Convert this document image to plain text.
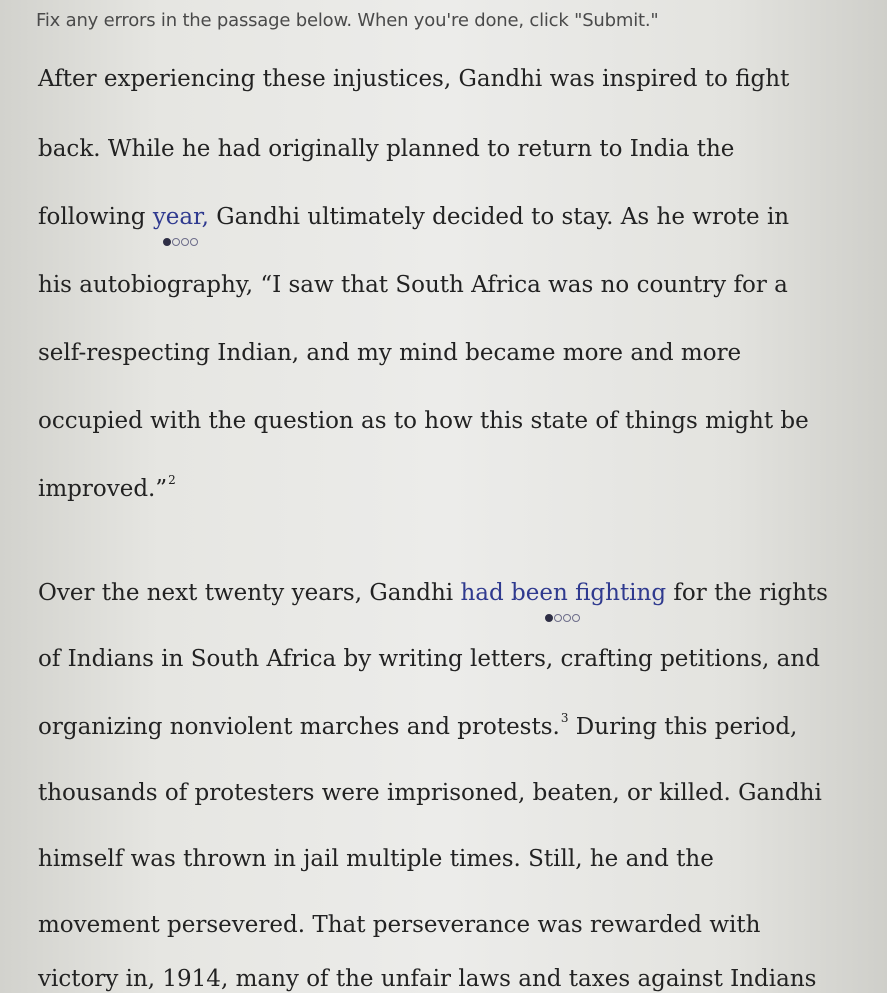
Fix any errors in the passage below. When you're done, click "Submit."
After experiencing these injustices, Gandhi was inspired to fight
back. While he had originally planned to return to India the
following year,
Gandhi ultimately decided to stay. As he wrote in
his autobiography, “I saw that South Africa was no country for a
self-respecting Indian, and my mind became more and more
occupied with the question as to how this state of things might be
improved.”$^2$
Over the next twenty years, Gandhi had been fighting
for the rights
of Indians in South Africa by writing letters, crafting petitions, and
organizing nonviolent marches and protests.$^3$ During this period,
thousands of protesters were imprisoned, beaten, or killed. Gandhi
himself was thrown in jail multiple times. Still, he and the
movement persevered. That perseverance was rewarded with
victory in, 1914, many of the unfair laws and taxes against Indians
